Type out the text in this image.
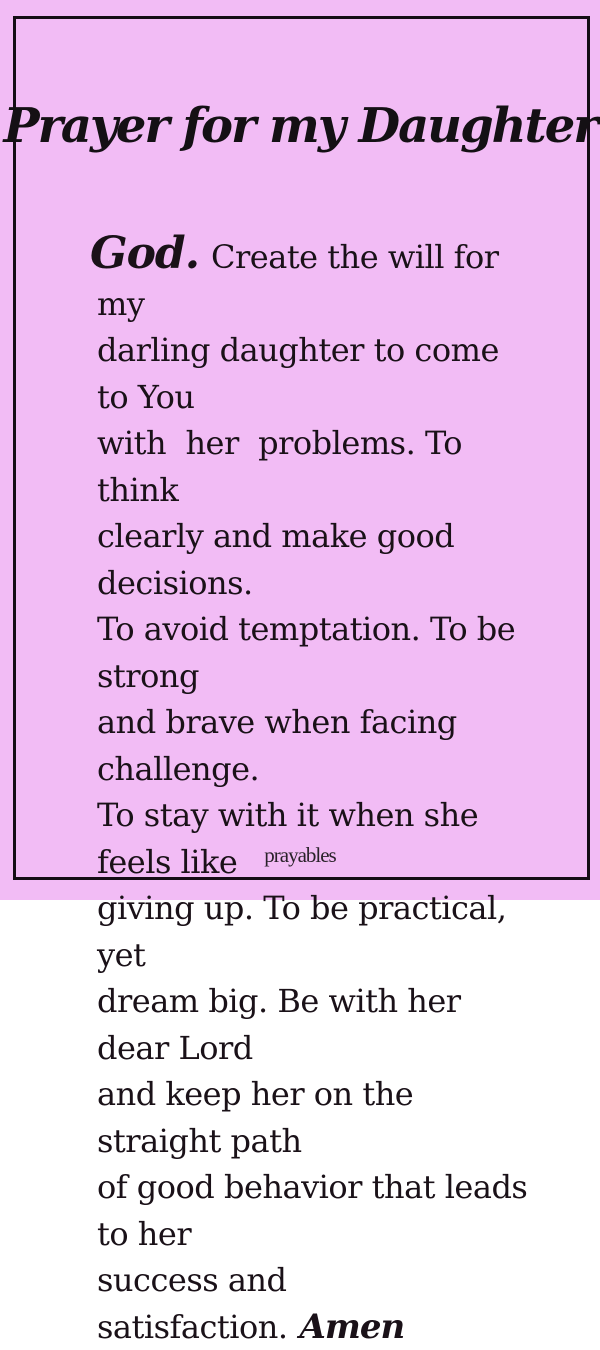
Prayer for my Daughter
God. Create the will for my
darling daughter to come to You
with  her  problems. To think
clearly and make good decisions.
To avoid temptation. To be strong
and brave when facing challenge.
To stay with it when she feels like
giving up. To be practical, yet
dream big. Be with her dear Lord
and keep her on the straight path
of good behavior that leads to her
success and satisfaction. Amen
prayables
